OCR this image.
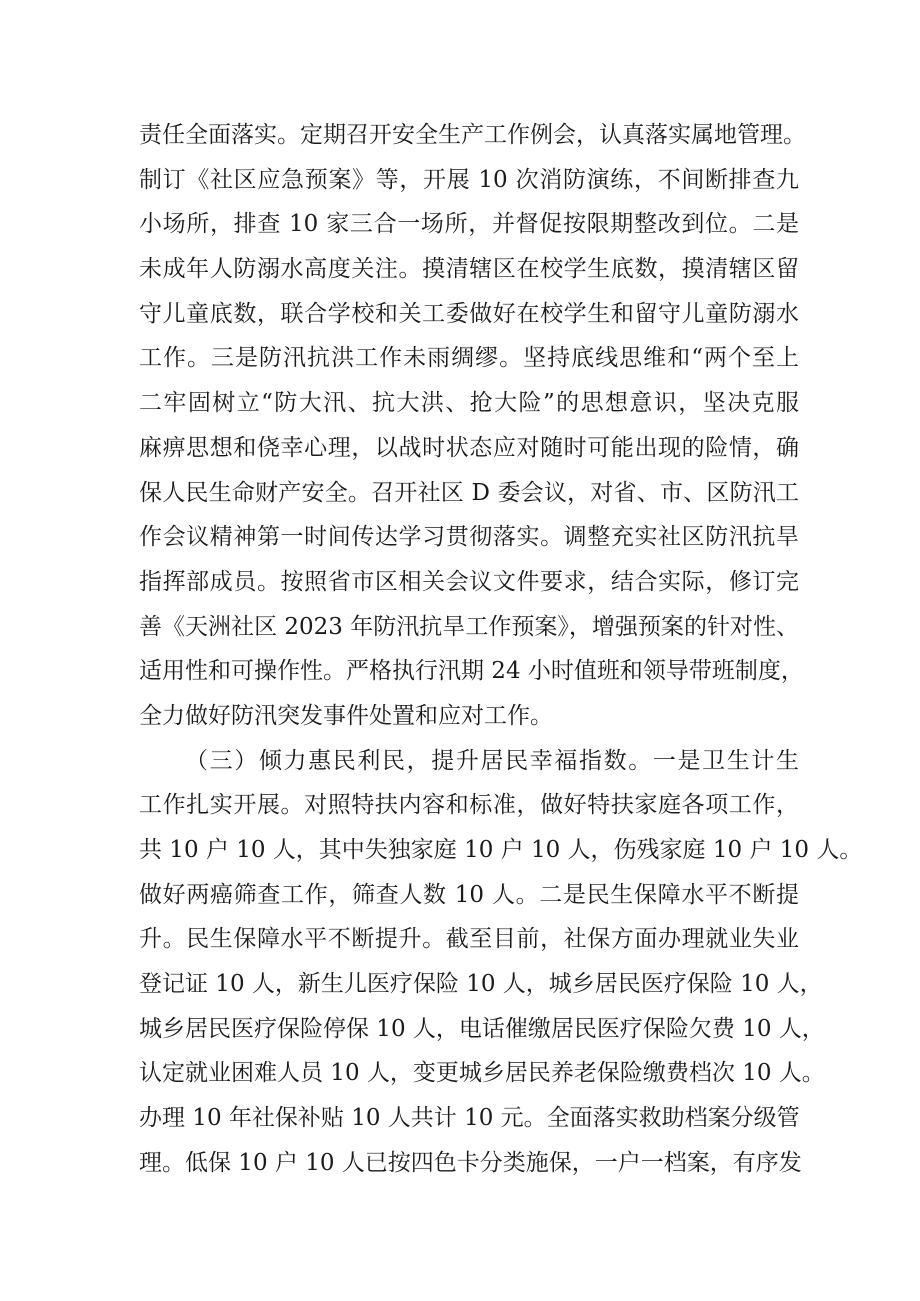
责任全面落实。定期召开安全生产工作例会，认真落实属地管理。
制订《社区应急预案》等，开展 10 次消防演练，不间断排查九
小场所，排查 10 家三合一场所，并督促按限期整改到位。二是
未成年人防溺水高度关注。摸清辖区在校学生底数，摸清辖区留
守儿童底数，联合学校和关工委做好在校学生和留守儿童防溺水
工作。三是防汛抗洪工作未雨绸缪。坚持底线思维和“两个至上
二牢固树立“防大汛、抗大洪、抢大险”的思想意识，坚决克服
麻痹思想和侥幸心理，以战时状态应对随时可能出现的险情，确
保人民生命财产安全。召开社区 D 委会议，对省、市、区防汛工
作会议精神第一时间传达学习贯彻落实。调整充实社区防汛抗旱
指挥部成员。按照省市区相关会议文件要求，结合实际，修订完
善《天洲社区 2023 年防汛抗旱工作预案》，增强预案的针对性、
适用性和可操作性。严格执行汛期 24 小时值班和领导带班制度，
全力做好防汛突发事件处置和应对工作。
（三）倾力惠民利民，提升居民幸福指数。一是卫生计生
工作扎实开展。对照特扶内容和标准，做好特扶家庭各项工作，
共 10 户 10 人，其中失独家庭 10 户 10 人，伤残家庭 10 户 10 人。
做好两癌筛查工作，筛查人数 10 人。二是民生保障水平不断提
升。民生保障水平不断提升。截至目前，社保方面办理就业失业
登记证 10 人，新生儿医疗保险 10 人，城乡居民医疗保险 10 人，
城乡居民医疗保险停保 10 人，电话催缴居民医疗保险欠费 10 人，
认定就业困难人员 10 人，变更城乡居民养老保险缴费档次 10 人。
办理 10 年社保补贴 10 人共计 10 元。全面落实救助档案分级管
理。低保 10 户 10 人已按四色卡分类施保，一户一档案，有序发
